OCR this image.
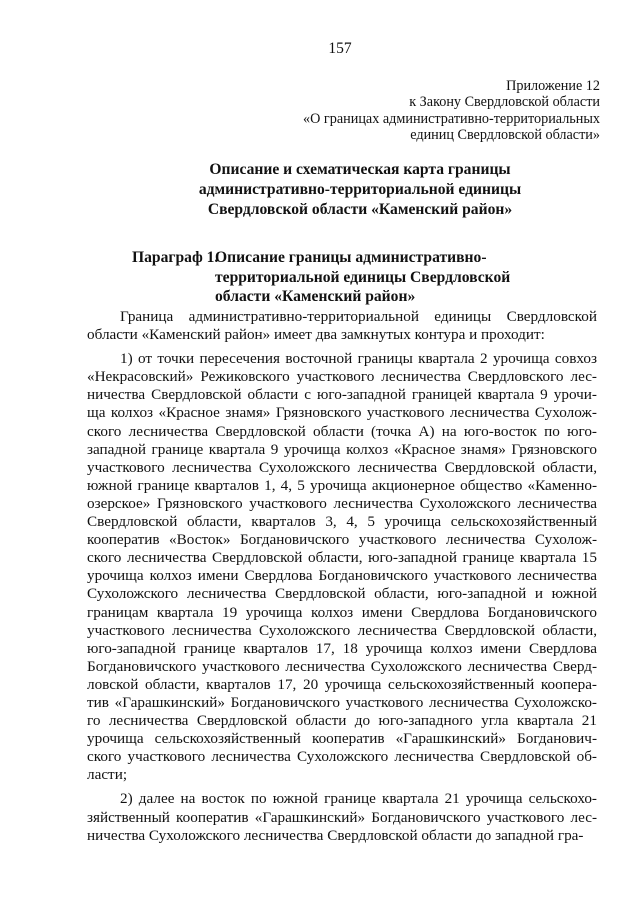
157
Приложение 12
к Закону Свердловской области
«О границах административно-территориальных
единиц Свердловской области»
Описание и схематическая карта границы
административно-территориальной единицы
Свердловской области «Каменский район»
Параграф 1.
Описание границы административно-
территориальной единицы Свердловской
области «Каменский район»
Граница административно-территориальной единицы Свердловской
области «Каменский район» имеет два замкнутых контура и проходит:
1) от точки пересечения восточной границы квартала 2 урочища совхоз
«Некрасовский» Режиковского участкового лесничества Свердловского лес-
ничества Свердловской области с юго-западной границей квартала 9 урочи-
ща колхоз «Красное знамя» Грязновского участкового лесничества Сухолож-
ского лесничества Свердловской области (точка А) на юго-восток по юго-
западной границе квартала 9 урочища колхоз «Красное знамя» Грязновского
участкового лесничества Сухоложского лесничества Свердловской области,
южной границе кварталов 1, 4, 5 урочища акционерное общество «Каменно-
озерское» Грязновского участкового лесничества Сухоложского лесничества
Свердловской области, кварталов 3, 4, 5 урочища сельскохозяйственный
кооператив «Восток» Богдановичского участкового лесничества Сухолож-
ского лесничества Свердловской области, юго-западной границе квартала 15
урочища колхоз имени Свердлова Богдановичского участкового лесничества
Сухоложского лесничества Свердловской области, юго-западной и южной
границам квартала 19 урочища колхоз имени Свердлова Богдановичского
участкового лесничества Сухоложского лесничества Свердловской области,
юго-западной границе кварталов 17, 18 урочища колхоз имени Свердлова
Богдановичского участкового лесничества Сухоложского лесничества Сверд-
ловской области, кварталов 17, 20 урочища сельскохозяйственный коопера-
тив «Гарашкинский» Богдановичского участкового лесничества Сухоложско-
го лесничества Свердловской области до юго-западного угла квартала 21
урочища сельскохозяйственный кооператив «Гарашкинский» Богданович-
ского участкового лесничества Сухоложского лесничества Свердловской об-
ласти;
2) далее на восток по южной границе квартала 21 урочища сельскохо-
зяйственный кооператив «Гарашкинский» Богдановичского участкового лес-
ничества Сухоложского лесничества Свердловской области до западной гра-
